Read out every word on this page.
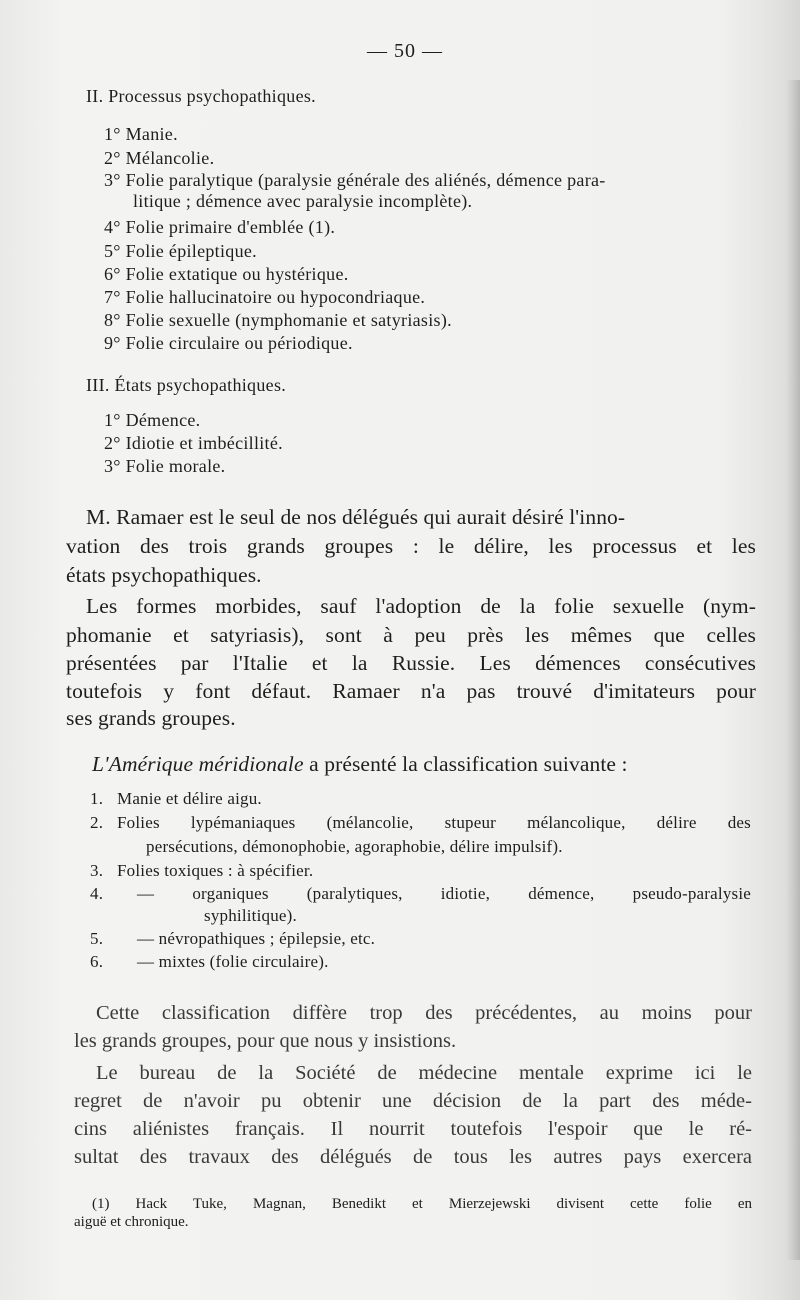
— 50 —
II. Processus psychopathiques.
1° Manie.
2° Mélancolie.
3° Folie paralytique (paralysie générale des aliénés, démence para-
litique ; démence avec paralysie incomplète).
4° Folie primaire d'emblée (1).
5° Folie épileptique.
6° Folie extatique ou hystérique.
7° Folie hallucinatoire ou hypocondriaque.
8° Folie sexuelle (nymphomanie et satyriasis).
9° Folie circulaire ou périodique.
III. États psychopathiques.
1° Démence.
2° Idiotie et imbécillité.
3° Folie morale.
M. Ramaer est le seul de nos délégués qui aurait désiré l'inno-
vation des trois grands groupes : le délire, les processus et les
états psychopathiques.
Les formes morbides, sauf l'adoption de la folie sexuelle (nym-
phomanie et satyriasis), sont à peu près les mêmes que celles
présentées par l'Italie et la Russie. Les démences consécutives
toutefois y font défaut. Ramaer n'a pas trouvé d'imitateurs pour
ses grands groupes.
L'Amérique méridionale a présenté la classification suivante :
1. Manie et délire aigu.
2. Folies lypémaniaques (mélancolie, stupeur mélancolique, délire des
persécutions, démonophobie, agoraphobie, délire impulsif).
3. Folies toxiques : à spécifier.
4. — organiques (paralytiques, idiotie, démence, pseudo-paralysie
syphilitique).
5. — névropathiques ; épilepsie, etc.
6. — mixtes (folie circulaire).
Cette classification diffère trop des précédentes, au moins pour
les grands groupes, pour que nous y insistions.
Le bureau de la Société de médecine mentale exprime ici le
regret de n'avoir pu obtenir une décision de la part des méde-
cins aliénistes français. Il nourrit toutefois l'espoir que le ré-
sultat des travaux des délégués de tous les autres pays exercera
(1) Hack Tuke, Magnan, Benedikt et Mierzejewski divisent cette folie en
aiguë et chronique.
